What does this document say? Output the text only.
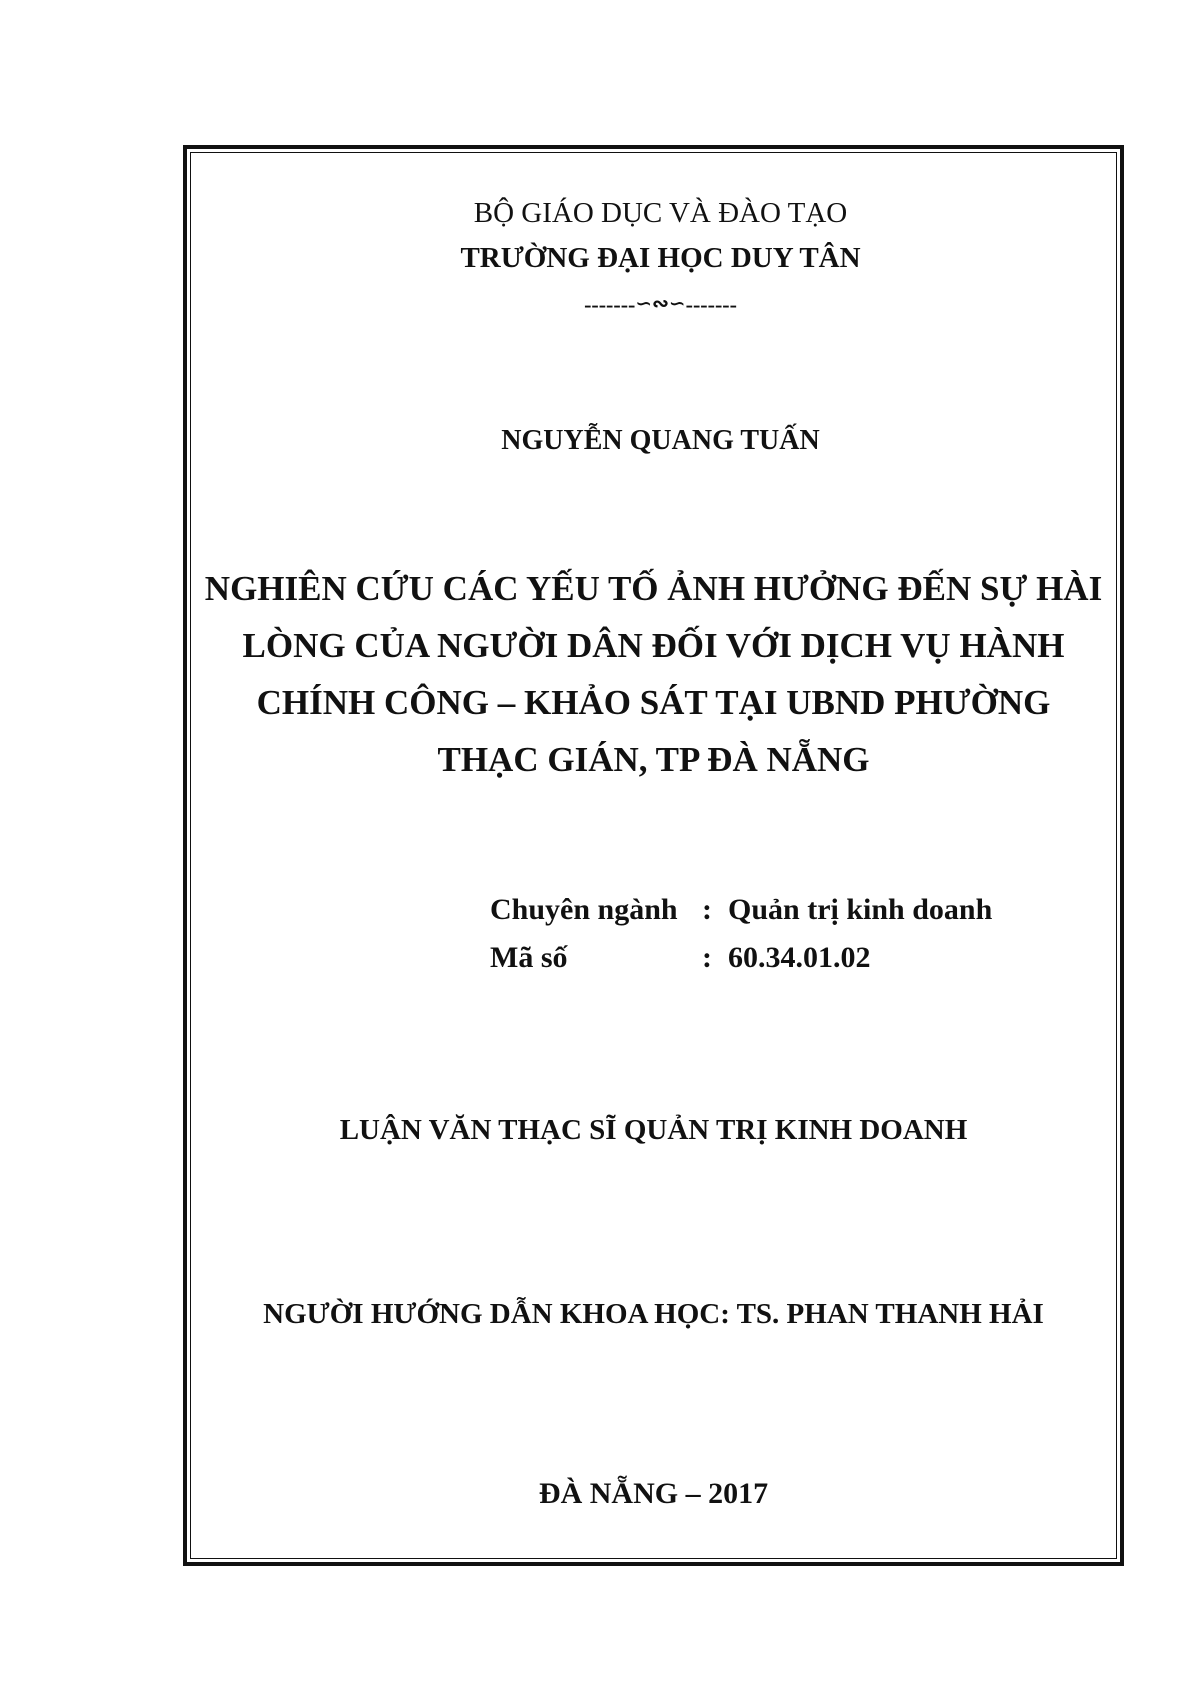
BỘ GIÁO DỤC VÀ ĐÀO TẠO
TRƯỜNG ĐẠI HỌC DUY TÂN
-------∽∾∽-------
NGUYỄN QUANG TUẤN
NGHIÊN CỨU CÁC YẾU TỐ ẢNH HƯỞNG ĐẾN SỰ HÀI
LÒNG CỦA NGƯỜI DÂN ĐỐI VỚI DỊCH VỤ HÀNH
CHÍNH CÔNG – KHẢO SÁT TẠI UBND PHƯỜNG
THẠC GIÁN, TP ĐÀ NẴNG
Chuyên ngành : Quản trị kinh doanh
Mã số	: 60.34.01.02
LUẬN VĂN THẠC SĨ QUẢN TRỊ KINH DOANH
NGƯỜI HƯỚNG DẪN KHOA HỌC: TS. PHAN THANH HẢI
ĐÀ NẴNG – 2017
